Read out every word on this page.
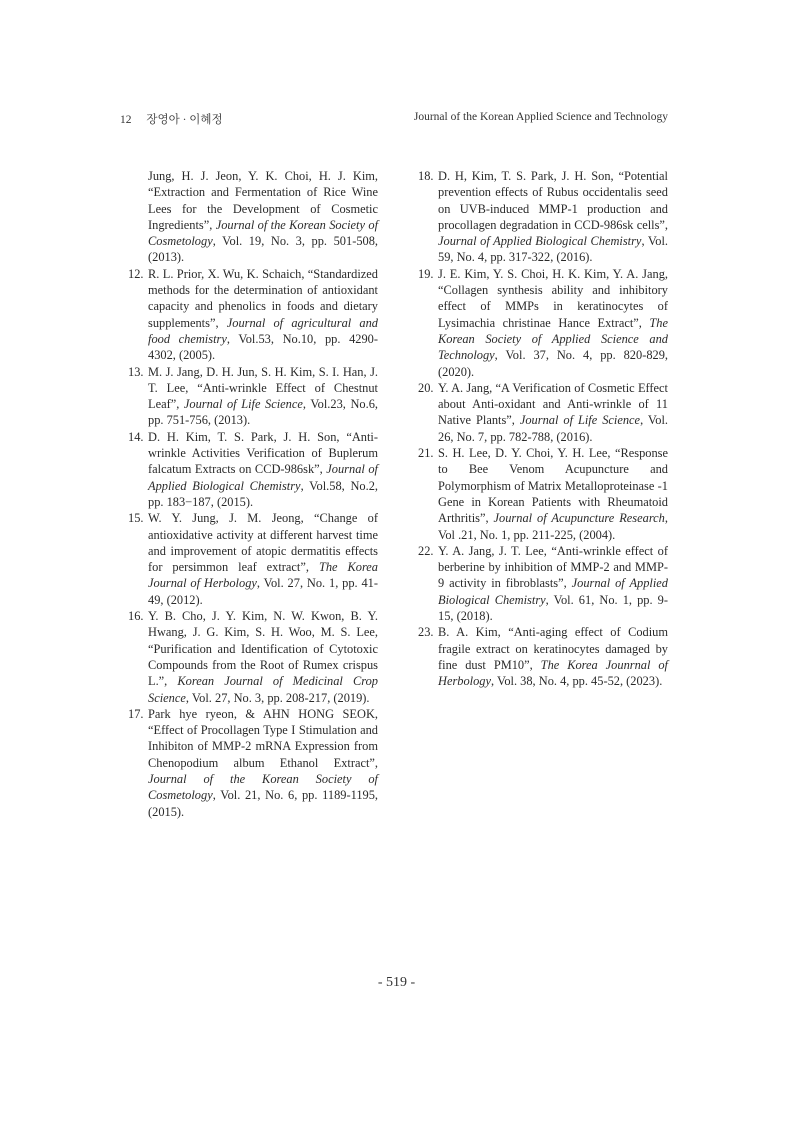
12 장영아 · 이혜정	Journal of the Korean Applied Science and Technology

Jung, H. J. Jeon, Y. K. Choi, H. J. Kim, “Extraction and Fermentation of Rice Wine Lees for the Development of Cosmetic Ingredients”, Journal of the Korean Society of Cosmetology, Vol. 19, No. 3, pp. 501-508, (2013).

12. R. L. Prior, X. Wu, K. Schaich, “Standardized methods for the determination of antioxidant capacity and phenolics in foods and dietary supplements”, Journal of agricultural and food chemistry, Vol.53, No.10, pp. 4290-4302, (2005).

13. M. J. Jang, D. H. Jun, S. H. Kim, S. I. Han, J. T. Lee, “Anti-wrinkle Effect of Chestnut Leaf”, Journal of Life Science, Vol.23, No.6, pp. 751-756, (2013).

14. D. H. Kim, T. S. Park, J. H. Son, “Anti-wrinkle Activities Verification of Buplerum falcatum Extracts on CCD-986sk”, Journal of Applied Biological Chemistry, Vol.58, No.2, pp. 183−187, (2015).

15. W. Y. Jung, J. M. Jeong, “Change of antioxidative activity at different harvest time and improvement of atopic dermatitis effects for persimmon leaf extract”, The Korea Journal of Herbology, Vol. 27, No. 1, pp. 41-49, (2012).

16. Y. B. Cho, J. Y. Kim, N. W. Kwon, B. Y. Hwang, J. G. Kim, S. H. Woo, M. S. Lee, “Purification and Identification of Cytotoxic Compounds from the Root of Rumex crispus L.”, Korean Journal of Medicinal Crop Science, Vol. 27, No. 3, pp. 208-217, (2019).

17. Park hye ryeon, & AHN HONG SEOK, “Effect of Procollagen Type I Stimulation and Inhibiton of MMP-2 mRNA Expression from Chenopodium album Ethanol Extract”, Journal of the Korean Society of Cosmetology, Vol. 21, No. 6, pp. 1189-1195, (2015).

18. D. H, Kim, T. S. Park, J. H. Son, “Potential prevention effects of Rubus occidentalis seed on UVB-induced MMP-1 production and procollagen degradation in CCD-986sk cells”, Journal of Applied Biological Chemistry, Vol. 59, No. 4, pp. 317-322, (2016).

19. J. E. Kim, Y. S. Choi, H. K. Kim, Y. A. Jang, “Collagen synthesis ability and inhibitory effect of MMPs in keratinocytes of Lysimachia christinae Hance Extract”, The Korean Society of Applied Science and Technology, Vol. 37, No. 4, pp. 820-829, (2020).

20. Y. A. Jang, “A Verification of Cosmetic Effect about Anti-oxidant and Anti-wrinkle of 11 Native Plants”, Journal of Life Science, Vol. 26, No. 7, pp. 782-788, (2016).

21. S. H. Lee, D. Y. Choi, Y. H. Lee, “Response to Bee Venom Acupuncture and Polymorphism of Matrix Metalloproteinase -1 Gene in Korean Patients with Rheumatoid Arthritis”, Journal of Acupuncture Research, Vol .21, No. 1, pp. 211-225, (2004).

22. Y. A. Jang, J. T. Lee, “Anti-wrinkle effect of berberine by inhibition of MMP-2 and MMP-9 activity in fibroblasts”, Journal of Applied Biological Chemistry, Vol. 61, No. 1, pp. 9-15, (2018).

23. B. A. Kim, “Anti-aging effect of Codium fragile extract on keratinocytes damaged by fine dust PM10”, The Korea Jounrnal of Herbology, Vol. 38, No. 4, pp. 45-52, (2023).

- 519 -
